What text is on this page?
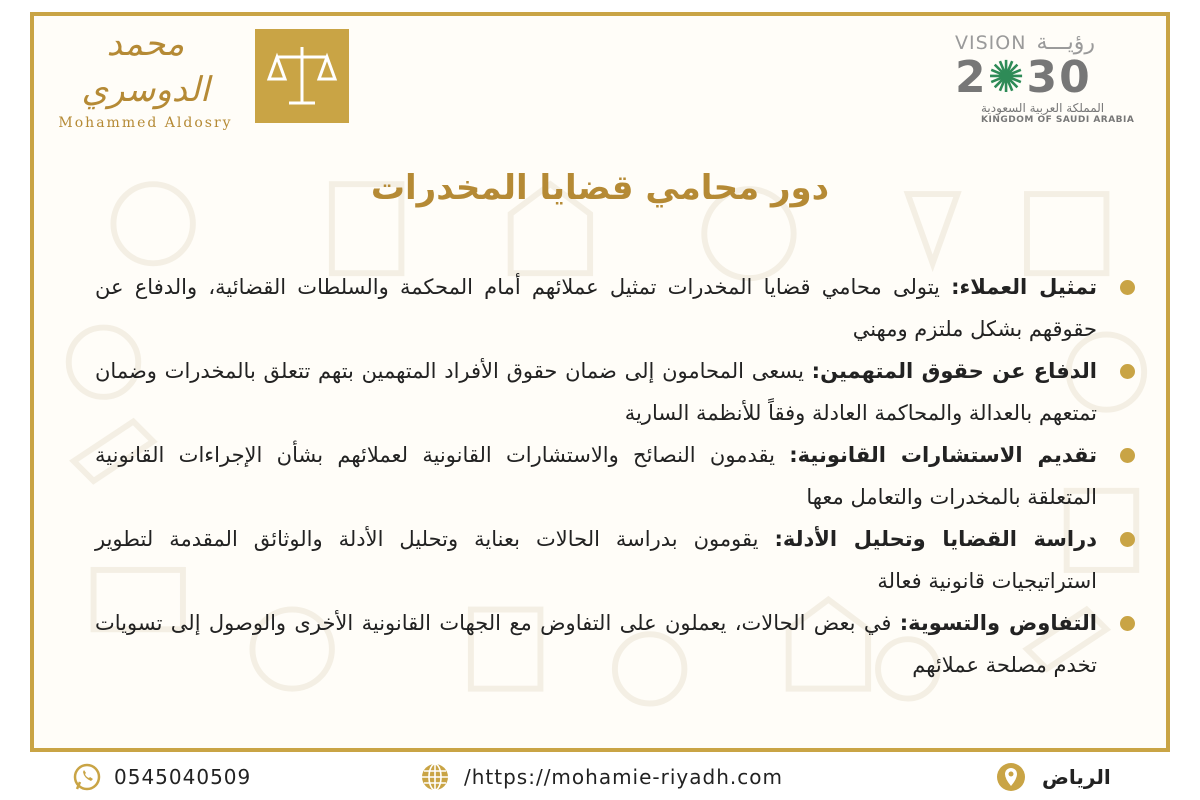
محمد الدوسري
Mohammed Aldosry
VISION رؤيـــة
2✺30
المملكة العربية السعودية
KINGDOM OF SAUDI ARABIA
دور محامي قضايا المخدرات
تمثيل العملاء: يتولى محامي قضايا المخدرات تمثيل عملائهم أمام المحكمة والسلطات القضائية، والدفاع عن حقوقهم بشكل ملتزم ومهني
الدفاع عن حقوق المتهمين: يسعى المحامون إلى ضمان حقوق الأفراد المتهمين بتهم تتعلق بالمخدرات وضمان تمتعهم بالعدالة والمحاكمة العادلة وفقاً للأنظمة السارية
تقديم الاستشارات القانونية: يقدمون النصائح والاستشارات القانونية لعملائهم بشأن الإجراءات القانونية المتعلقة بالمخدرات والتعامل معها
دراسة القضايا وتحليل الأدلة: يقومون بدراسة الحالات بعناية وتحليل الأدلة والوثائق المقدمة لتطوير استراتيجيات قانونية فعالة
التفاوض والتسوية: في بعض الحالات، يعملون على التفاوض مع الجهات القانونية الأخرى والوصول إلى تسويات تخدم مصلحة عملائهم
0545040509	/https://mohamie-riyadh.com	الرياض
